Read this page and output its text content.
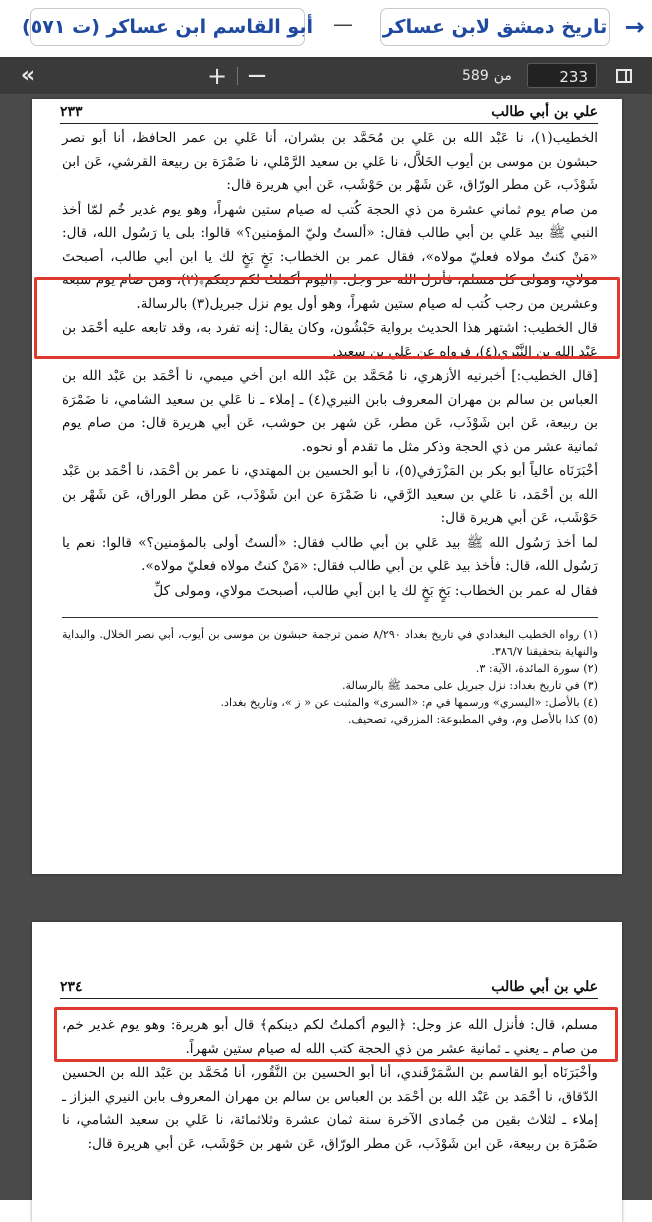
أبو القاسم ابن عساكر (ت ٥٧١)	—	تاريخ دمشق لابن عساكر →
«	+ −	من
589
233
علي بن أبي طالب
٢٣٣

الخطيب(١)، نا عَبْد الله بن عَلي بن مُحَمَّد بن بشران، أنا عَلي بن عمر الحافظ، أنا أبو نصر حبشون بن موسى بن أيوب الخَلاَّل، نا عَلي بن سعيد الرَّمْلي، نا ضَمْرَة بن ربيعة القرشي، عَن ابن شَوْذَب، عَن مطر الورّاق، عَن شَهْر بن حَوْشَب، عَن أبي هريرة قال:

من صام يوم ثماني عشرة من ذي الحجة كُتب له صيام ستين شهراً، وهو يوم غدير خُم لمّا أخذ النبي ﷺ بيد عَلي بن أبي طالب فقال: «ألستُ وليّ المؤمنين؟» قالوا: بلى يا رَسُول الله، قال: «مَنْ كنتُ مولاه فعليّ مولاه»، فقال عمر بن الخطاب: بَخٍ بَخٍ لك يا ابن أبي طالب، أصبحتَ مولاي، ومولى كل مسلم، فأنزل الله عز وجل: ﴿اليوم أكملتُ لكم دينكم﴾(٢)، ومن صام يوم سبعة وعشرين من رجب كُتب له صيام ستين شهراً، وهو أول يوم نزل جبريل(٣) بالرسالة.

قال الخطيب: اشتهر هذا الحديث برواية حَبْشُون، وكان يقال: إنه تفرد به، وقد تابعه عليه أحْمَد بن عَبْد الله بن النَّيْري(٤)، فرواه عن عَلي بن سعيد.

[قال الخطيب:] أخبرنيه الأزهري، نا مُحَمَّد بن عَبْد الله ابن أخي ميمي، نا أحْمَد بن عَبْد الله بن العباس بن سالم بن مهران المعروف بابن النيري(٤) ـ إملاء ـ نا عَلي بن سعيد الشامي، نا ضَمْرَة بن ربيعة، عَن ابن شَوْذَب، عَن مطر، عَن شهر بن حوشب، عَن أبي هريرة قال: من صام يوم ثمانية عشر من ذي الحجة وذكر مثل ما تقدم أو نحوه.

أخْبَرَنَاه عالياً أبو بكر بن المَزْرَفي(٥)، نا أبو الحسين بن المهتدي، نا عمر بن أحْمَد، نا أحْمَد بن عَبْد الله بن أحْمَد، نا عَلي بن سعيد الرَّقي، نا ضَمْرَة عن ابن شَوْذَب، عَن مطر الوراق، عَن شَهْر بن حَوْشَب، عَن أبي هريرة قال:

لما أخذ رَسُول الله ﷺ بيد عَلي بن أبي طالب فقال: «ألستُ أولى بالمؤمنين؟» قالوا: نعم يا رَسُول الله، قال: فأخذ بيد عَلي بن أبي طالب فقال: «مَنْ كنتُ مولاه فعليّ مولاه».

فقال له عمر بن الخطاب: بَخٍ بَخٍ لك يا ابن أبي طالب، أصبحتَ مولاي، ومولى كلِّ

(١) رواه الخطيب البغدادي في تاريخ بغداد ٨/٢٩٠ ضمن ترجمة حبشون بن موسى بن أيوب، أبي نصر الخلال. والبداية والنهاية بتحقيقنا ٣٨٦/٧.

(٢) سورة المائدة، الآية: ٣.

(٣) في تاريخ بغداد: نزل جبريل على محمد ﷺ بالرسالة.

(٤) بالأصل: «اليسري» ورسمها في م: «السرى» والمثبت عن « ز »، وتاريخ بغداد.

(٥) كذا بالأصل وم، وفي المطبوعة: المزرقي، تصحيف.

علي بن أبي طالب
٢٣٤

مسلم، قال: فأنزل الله عز وجل: ﴿اليوم أكملتُ لكم دينكم﴾ قال أبو هريرة: وهو يوم غدير خم، من صام ـ يعني ـ ثمانية عشر من ذي الحجة كتب الله له صيام ستين شهراً.

وأخْبَرَنَاه أبو القاسم بن السَّمَرْقَندي، أنا أبو الحسين بن النَّقُور، أنا مُحَمَّد بن عَبْد الله بن الحسين الدّقاق، نا أحْمَد بن عَبْد الله بن أحْمَد بن العباس بن سالم بن مهران المعروف بابن النيري البزاز ـ إملاء ـ لثلاث بقين من جُمادى الآخرة سنة ثمان عشرة وثلاثمائة، نا عَلي بن سعيد الشامي، نا ضَمْرَة بن ربيعة، عَن ابن شَوْذَب، عَن مطر الورّاق، عَن شهر بن حَوْشَب، عَن أبي هريرة قال:
